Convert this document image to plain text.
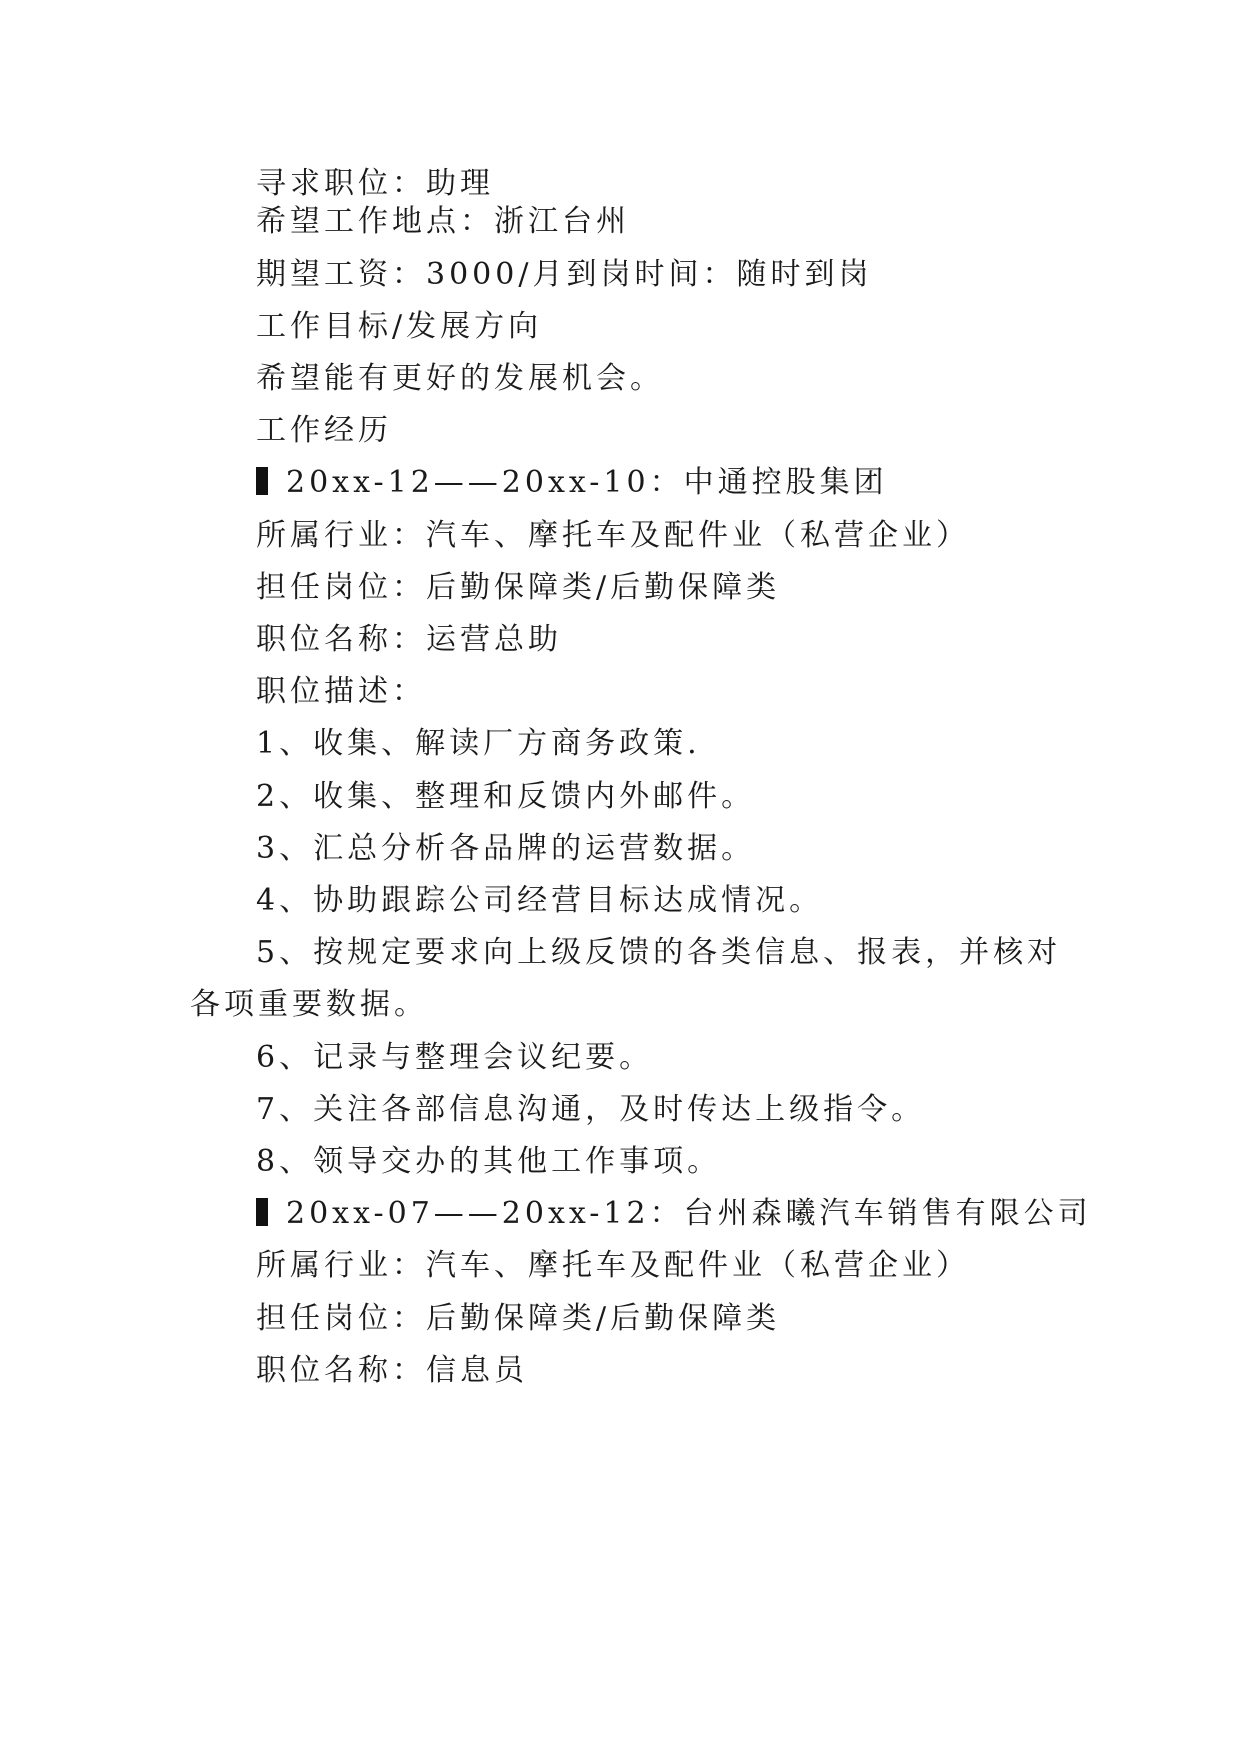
寻求职位：助理
希望工作地点：浙江台州
期望工资：3000/月到岗时间：随时到岗
工作目标/发展方向
希望能有更好的发展机会。
工作经历
20xx-12——20xx-10：中通控股集团
所属行业：汽车、摩托车及配件业（私营企业）
担任岗位：后勤保障类/后勤保障类
职位名称：运营总助
职位描述：
1、收集、解读厂方商务政策.
2、收集、整理和反馈内外邮件。
3、汇总分析各品牌的运营数据。
4、协助跟踪公司经营目标达成情况。
5、按规定要求向上级反馈的各类信息、报表，并核对
各项重要数据。
6、记录与整理会议纪要。
7、关注各部信息沟通，及时传达上级指令。
8、领导交办的其他工作事项。
20xx-07——20xx-12：台州森曦汽车销售有限公司
所属行业：汽车、摩托车及配件业（私营企业）
担任岗位：后勤保障类/后勤保障类
职位名称：信息员
